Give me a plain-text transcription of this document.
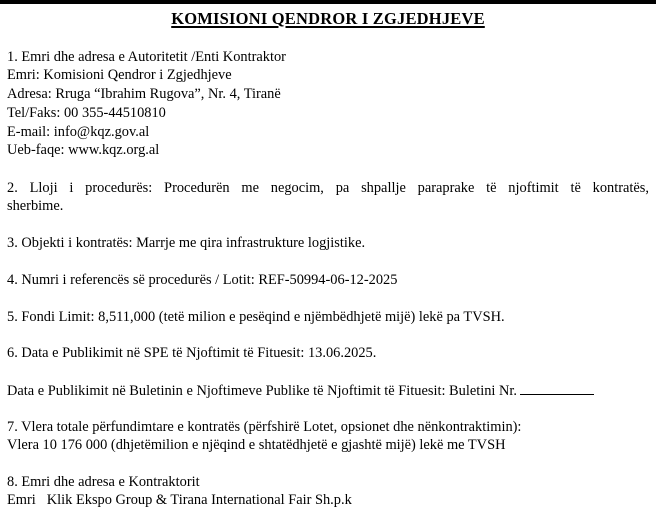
KOMISIONI QENDROR I ZGJEDHJEVE
1. Emri dhe adresa e Autoritetit /Enti Kontraktor
Emri: Komisioni Qendror i Zgjedhjeve
Adresa: Rruga “Ibrahim Rugova”, Nr. 4, Tiranë
Tel/Faks: 00 355-44510810
E-mail: info@kqz.gov.al
Ueb-faqe: www.kqz.org.al
2. Lloji i procedurës: Procedurën me negocim, pa shpallje paraprake të njoftimit të kontratës,
sherbime.
3. Objekti i kontratës: Marrje me qira infrastrukture logjistike.
4. Numri i referencës së procedurës / Lotit: REF-50994-06-12-2025
5. Fondi Limit: 8,511,000 (tetë milion e pesëqind e njëmbëdhjetë mijë) lekë pa TVSH.
6. Data e Publikimit në SPE të Njoftimit të Fituesit: 13.06.2025.
Data e Publikimit në Buletinin e Njoftimeve Publike të Njoftimit të Fituesit: Buletini Nr.
7. Vlera totale përfundimtare e kontratës (përfshirë Lotet, opsionet dhe nënkontraktimin):
Vlera 10 176 000 (dhjetëmilion e njëqind e shtatëdhjetë e gjashtë mijë) lekë me TVSH
8. Emri dhe adresa e Kontraktorit
Emri Klik Ekspo Group & Tirana International Fair Sh.p.k
